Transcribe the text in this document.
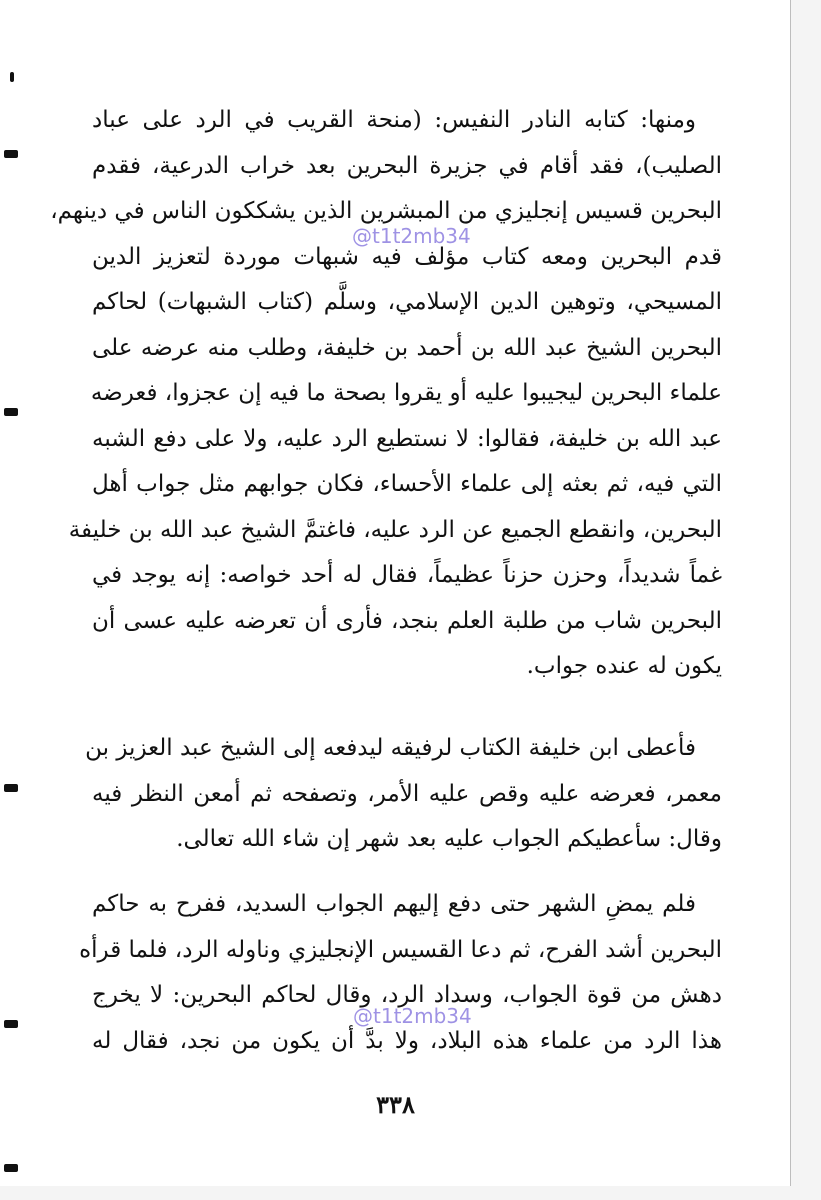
ومنها: كتابه النادر النفيس: (منحة القريب في الرد على عباد
الصليب)، فقد أقام في جزيرة البحرين بعد خراب الدرعية، فقدم
البحرين قسيس إنجليزي من المبشرين الذين يشككون الناس في دينهم،
قدم البحرين ومعه كتاب مؤلف فيه شبهات موردة لتعزيز الدين
المسيحي، وتوهين الدين الإسلامي، وسلَّم (كتاب الشبهات) لحاكم
البحرين الشيخ عبد الله بن أحمد بن خليفة، وطلب منه عرضه على
علماء البحرين ليجيبوا عليه أو يقروا بصحة ما فيه إن عجزوا، فعرضه
عبد الله بن خليفة، فقالوا: لا نستطيع الرد عليه، ولا على دفع الشبه
التي فيه، ثم بعثه إلى علماء الأحساء، فكان جوابهم مثل جواب أهل
البحرين، وانقطع الجميع عن الرد عليه، فاغتمَّ الشيخ عبد الله بن خليفة
غماً شديداً، وحزن حزناً عظيماً، فقال له أحد خواصه: إنه يوجد في
البحرين شاب من طلبة العلم بنجد، فأرى أن تعرضه عليه عسى أن
يكون له عنده جواب.
فأعطى ابن خليفة الكتاب لرفيقه ليدفعه إلى الشيخ عبد العزيز بن
معمر، فعرضه عليه وقص عليه الأمر، وتصفحه ثم أمعن النظر فيه
وقال: سأعطيكم الجواب عليه بعد شهر إن شاء الله تعالى.
فلم يمضِ الشهر حتى دفع إليهم الجواب السديد، ففرح به حاكم
البحرين أشد الفرح، ثم دعا القسيس الإنجليزي وناوله الرد، فلما قرأه
دهش من قوة الجواب، وسداد الرد، وقال لحاكم البحرين: لا يخرج
هذا الرد من علماء هذه البلاد، ولا بدَّ أن يكون من نجد، فقال له
٣٣٨
@t1t2mb34
@t1t2mb34
